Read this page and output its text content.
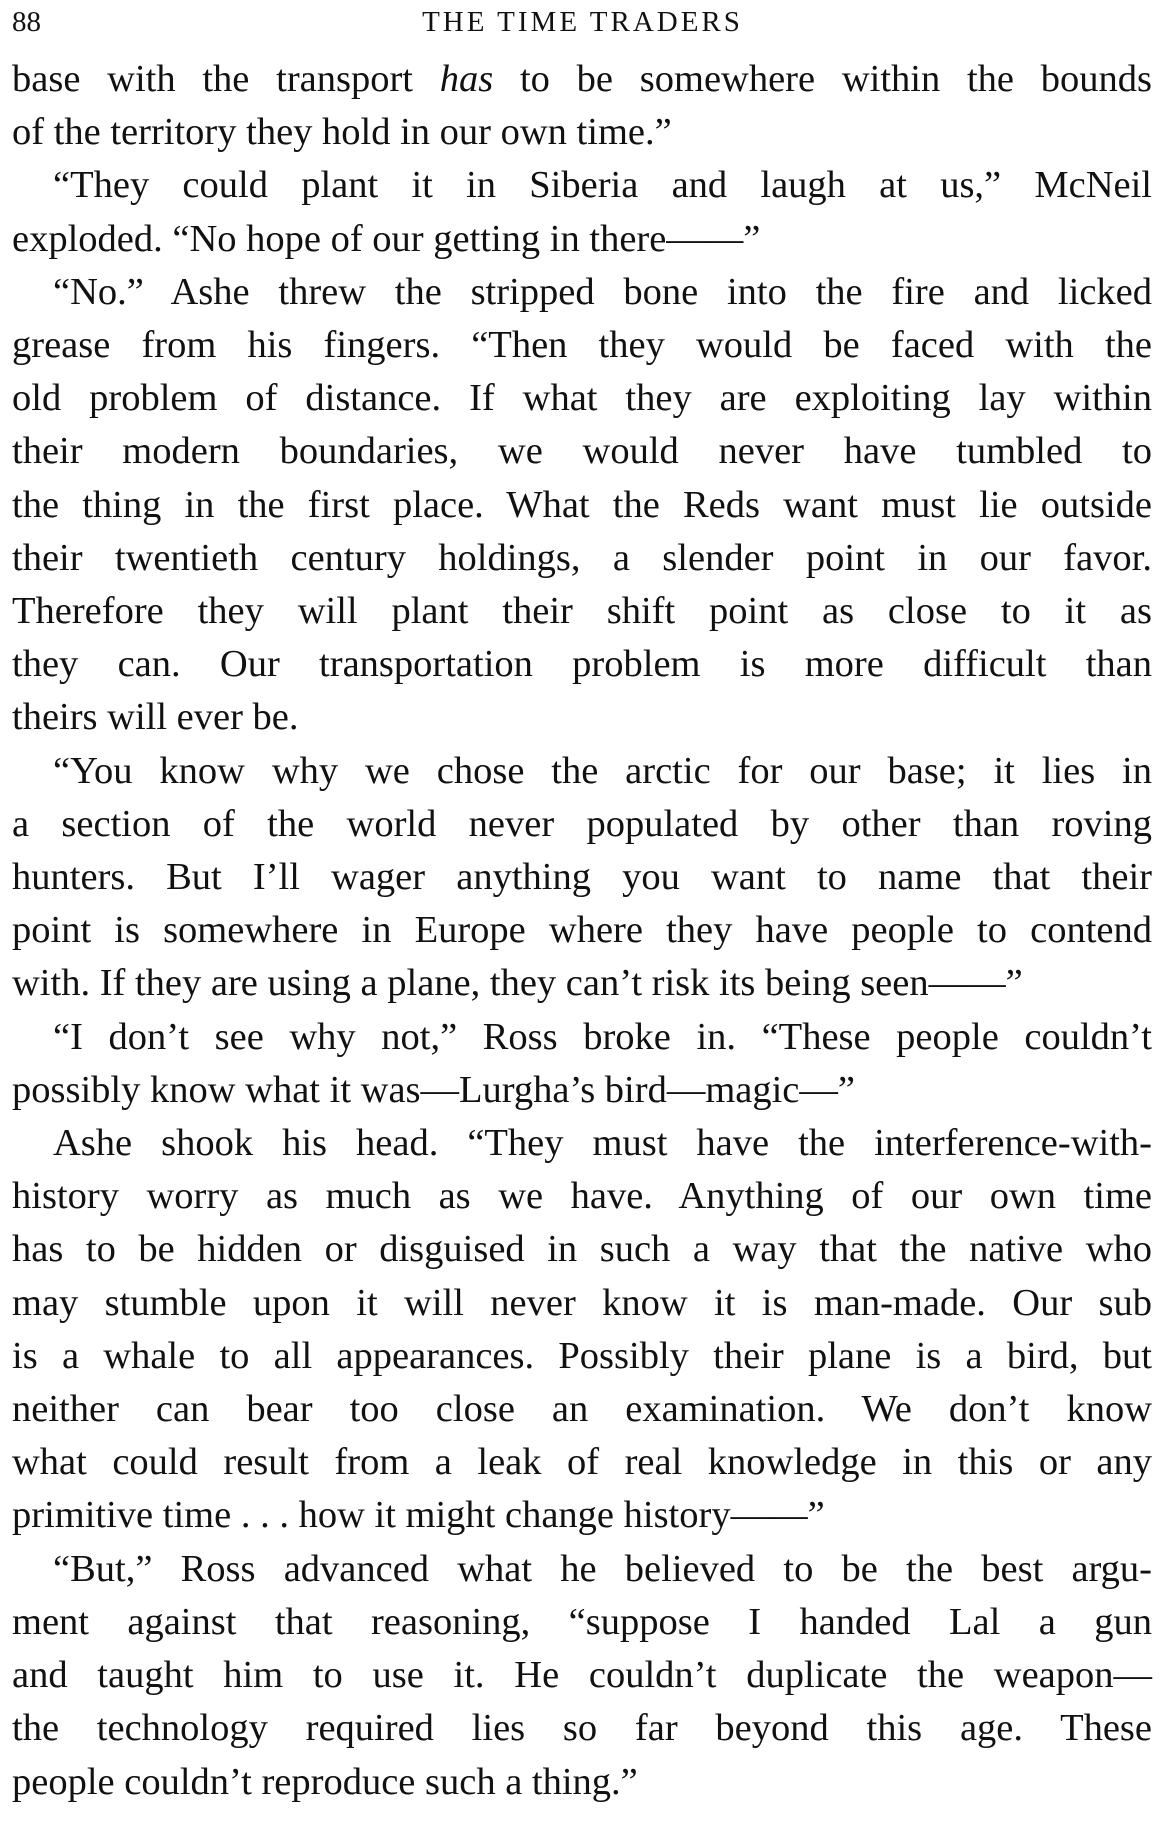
88	THE TIME TRADERS
base with the transport has to be somewhere within the bounds
of the territory they hold in our own time.”
“They could plant it in Siberia and laugh at us,” McNeil
exploded. “No hope of our getting in there——”
“No.” Ashe threw the stripped bone into the fire and licked
grease from his fingers. “Then they would be faced with the
old problem of distance. If what they are exploiting lay within
their modern boundaries, we would never have tumbled to
the thing in the first place. What the Reds want must lie outside
their twentieth century holdings, a slender point in our favor.
Therefore they will plant their shift point as close to it as
they can. Our transportation problem is more difficult than
theirs will ever be.
“You know why we chose the arctic for our base; it lies in
a section of the world never populated by other than roving
hunters. But I’ll wager anything you want to name that their
point is somewhere in Europe where they have people to contend
with. If they are using a plane, they can’t risk its being seen——”
“I don’t see why not,” Ross broke in. “These people couldn’t
possibly know what it was—Lurgha’s bird—magic—”
Ashe shook his head. “They must have the interference-with-
history worry as much as we have. Anything of our own time
has to be hidden or disguised in such a way that the native who
may stumble upon it will never know it is man-made. Our sub
is a whale to all appearances. Possibly their plane is a bird, but
neither can bear too close an examination. We don’t know
what could result from a leak of real knowledge in this or any
primitive time . . . how it might change history——”
“But,” Ross advanced what he believed to be the best argu-
ment against that reasoning, “suppose I handed Lal a gun
and taught him to use it. He couldn’t duplicate the weapon—
the technology required lies so far beyond this age. These
people couldn’t reproduce such a thing.”
